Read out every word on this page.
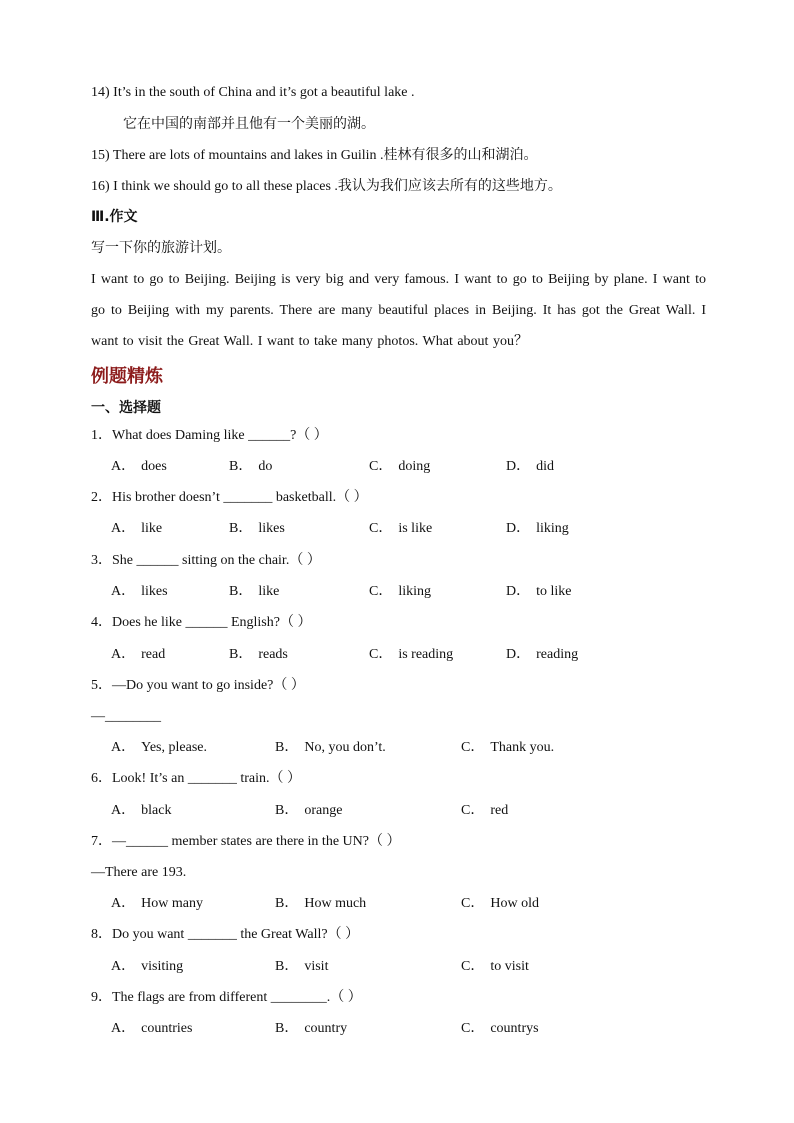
14) It’s in the south of China and it’s got a beautiful lake .
它在中国的南部并且他有一个美丽的湖。
15) There are lots of mountains and lakes in Guilin .桂林有很多的山和湖泊。
16) I think we should go to all these places .我认为我们应该去所有的这些地方。
Ⅲ.作文
写一下你的旅游计划。
I want to go to Beijing. Beijing is very big and very famous. I want to go to Beijing by plane. I want to go to Beijing with my parents. There are many beautiful places in Beijing. It has got the Great Wall. I want to visit the Great Wall. I want to take many photos. What about you？
例题精炼
一、选择题
1．What does Daming like ______?（ ）
A． does	B． do	C． doing	D． did
2．His brother doesn’t _______ basketball.（ ）
A． like	B． likes	C． is like	D． liking
3．She ______ sitting on the chair.（ ）
A． likes	B． like	C． liking	D． to like
4．Does he like ______ English?（ ）
A． read	B． reads	C． is reading	D． reading
5．—Do you want to go inside?（ ）
—________
A． Yes, please.	B． No, you don’t.	C． Thank you.
6．Look! It’s an _______ train.（ ）
A． black	B． orange	C． red
7．—______ member states are there in the UN?（ ）
—There are 193.
A． How many	B． How much	C． How old
8．Do you want _______ the Great Wall?（ ）
A． visiting	B． visit	C． to visit
9．The flags are from different ________.（ ）
A． countries	B． country	C． countrys
